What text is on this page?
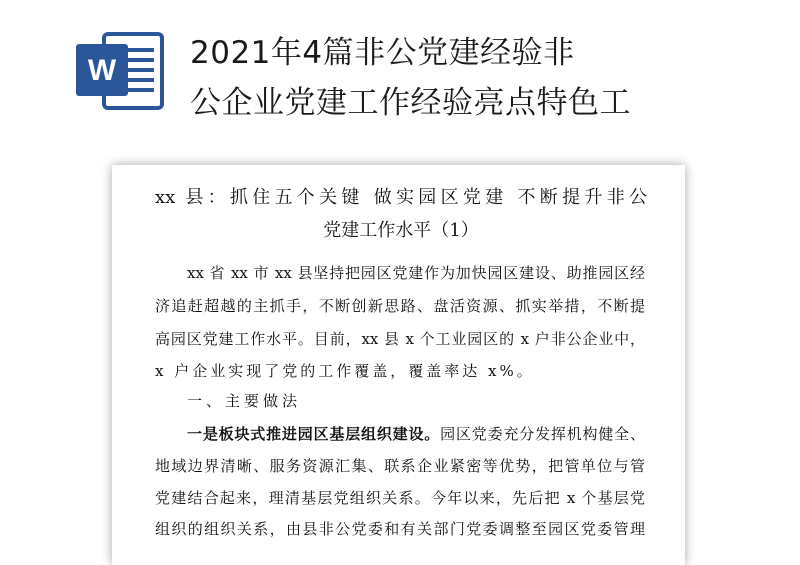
W 2021年4篇非公党建经验非
公企业党建工作经验亮点特色工
xx 县：抓住五个关键 做实园区党建 不断提升非公
党建工作水平（1）
xx 省 xx 市 xx 县坚持把园区党建作为加快园区建设、助推园区经
济追赶超越的主抓手，不断创新思路、盘活资源、抓实举措，不断提
高园区党建工作水平。目前，xx 县 x 个工业园区的 x 户非公企业中，
x 户企业实现了党的工作覆盖，覆盖率达 x%。
一、主要做法
一是板块式推进园区基层组织建设。园区党委充分发挥机构健全、
地域边界清晰、服务资源汇集、联系企业紧密等优势，把管单位与管
党建结合起来，理清基层党组织关系。今年以来，先后把 x 个基层党
组织的组织关系，由县非公党委和有关部门党委调整至园区党委管理
